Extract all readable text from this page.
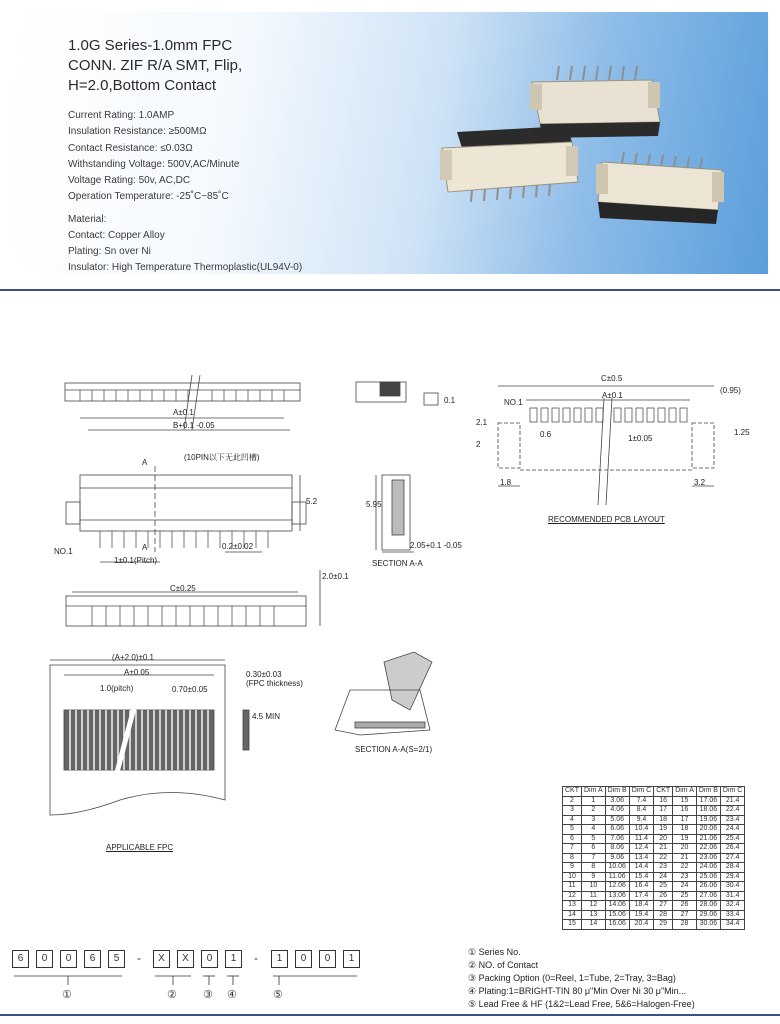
1.0G Series-1.0mm FPC
CONN. ZIF R/A SMT, Flip,
H=2.0,Bottom Contact
Current Rating: 1.0AMP
Insulation Resistance: ≥500MΩ
Contact Resistance: ≤0.03Ω
Withstanding Voltage: 500V,AC/Minute
Voltage Rating: 50v, AC,DC
Operation Temperature: -25˚C~85˚C
Material:
Contact: Copper Alloy
Plating: Sn over Ni
Insulator: High Temperature Thermoplastic(UL94V-0)
A±0.1
B+0.1 -0.05
A
(10PIN以下无此凹槽)
5.2
A
NO.1
0.2±0.02
1±0.1(Pitch)
C±0.25
2.0±0.1
0.1
5.95
2.05+0.1 -0.05
SECTION A-A
C±0.5
NO.1
A±0.1
(0.95)
2.1
0.6	1±0.05
1.25
2
1.8	3.2
RECOMMENDED PCB LAYOUT
(A+2.0)±0.1
A±0.05
1.0(pitch)	0.70±0.05
0.30±0.03
(FPC thickness)
4.5 MIN
SECTION A-A(S=2/1)
APPLICABLE FPC
CKT	Dim A	Dim B	Dim C	CKT	Dim A	Dim B	Dim C
2	1	3.06	7.4	16	15	17.06	21.4
3	2	4.06	8.4	17	16	18.06	22.4
4	3	5.06	9.4	18	17	19.06	23.4
5	4	6.06	10.4	19	18	20.06	24.4
6	5	7.06	11.4	20	19	21.06	25.4
7	6	8.06	12.4	21	20	22.06	26.4
8	7	9.06	13.4	22	21	23.06	27.4
9	8	10.06	14.4	23	22	24.06	28.4
10	9	11.06	15.4	24	23	25.06	29.4
11	10	12.06	16.4	25	24	26.06	30.4
12	11	13.06	17.4	26	25	27.06	31.4
13	12	14.06	18.4	27	26	28.06	32.4
14	13	15.06	19.4	28	27	29.06	33.4
15	14	16.06	20.4	29	28	30.06	34.4
6	0	0	6	5	-	X	X	0	1	-	1	0	0	1
①	② ③ ④	⑤
① Series No.
② NO. of Contact
③ Packing Option (0=Reel, 1=Tube, 2=Tray, 3=Bag)
④ Plating:1=BRIGHT-TIN 80 μ"Min Over Ni 30 μ"Min...
⑤ Lead Free & HF (1&2=Lead Free, 5&6=Halogen-Free)
